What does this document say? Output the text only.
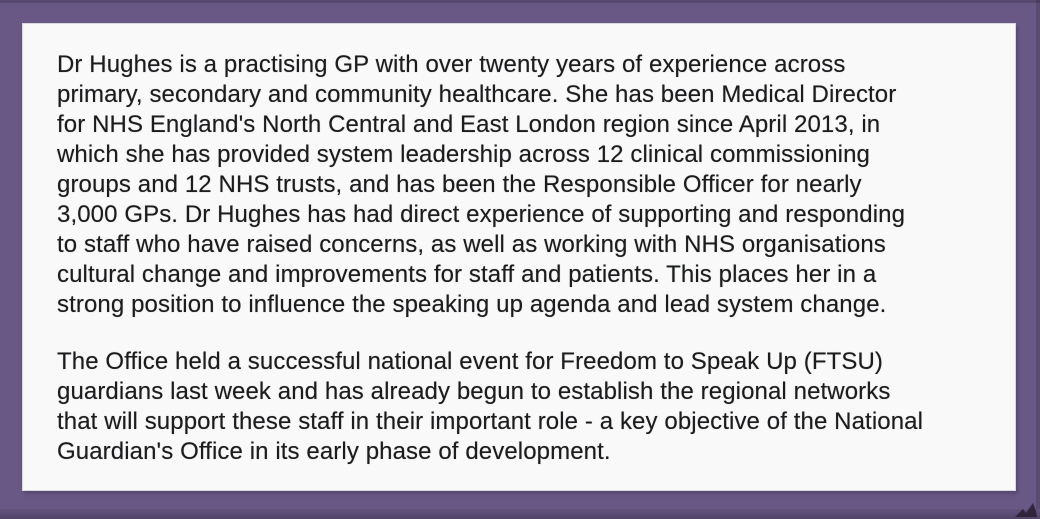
Dr Hughes is a practising GP with over twenty years of experience across
primary, secondary and community healthcare. She has been Medical Director
for NHS England's North Central and East London region since April 2013, in
which she has provided system leadership across 12 clinical commissioning
groups and 12 NHS trusts, and has been the Responsible Officer for nearly
3,000 GPs. Dr Hughes has had direct experience of supporting and responding
to staff who have raised concerns, as well as working with NHS organisations
cultural change and improvements for staff and patients. This places her in a
strong position to influence the speaking up agenda and lead system change.
The Office held a successful national event for Freedom to Speak Up (FTSU)
guardians last week and has already begun to establish the regional networks
that will support these staff in their important role - a key objective of the National
Guardian's Office in its early phase of development.
